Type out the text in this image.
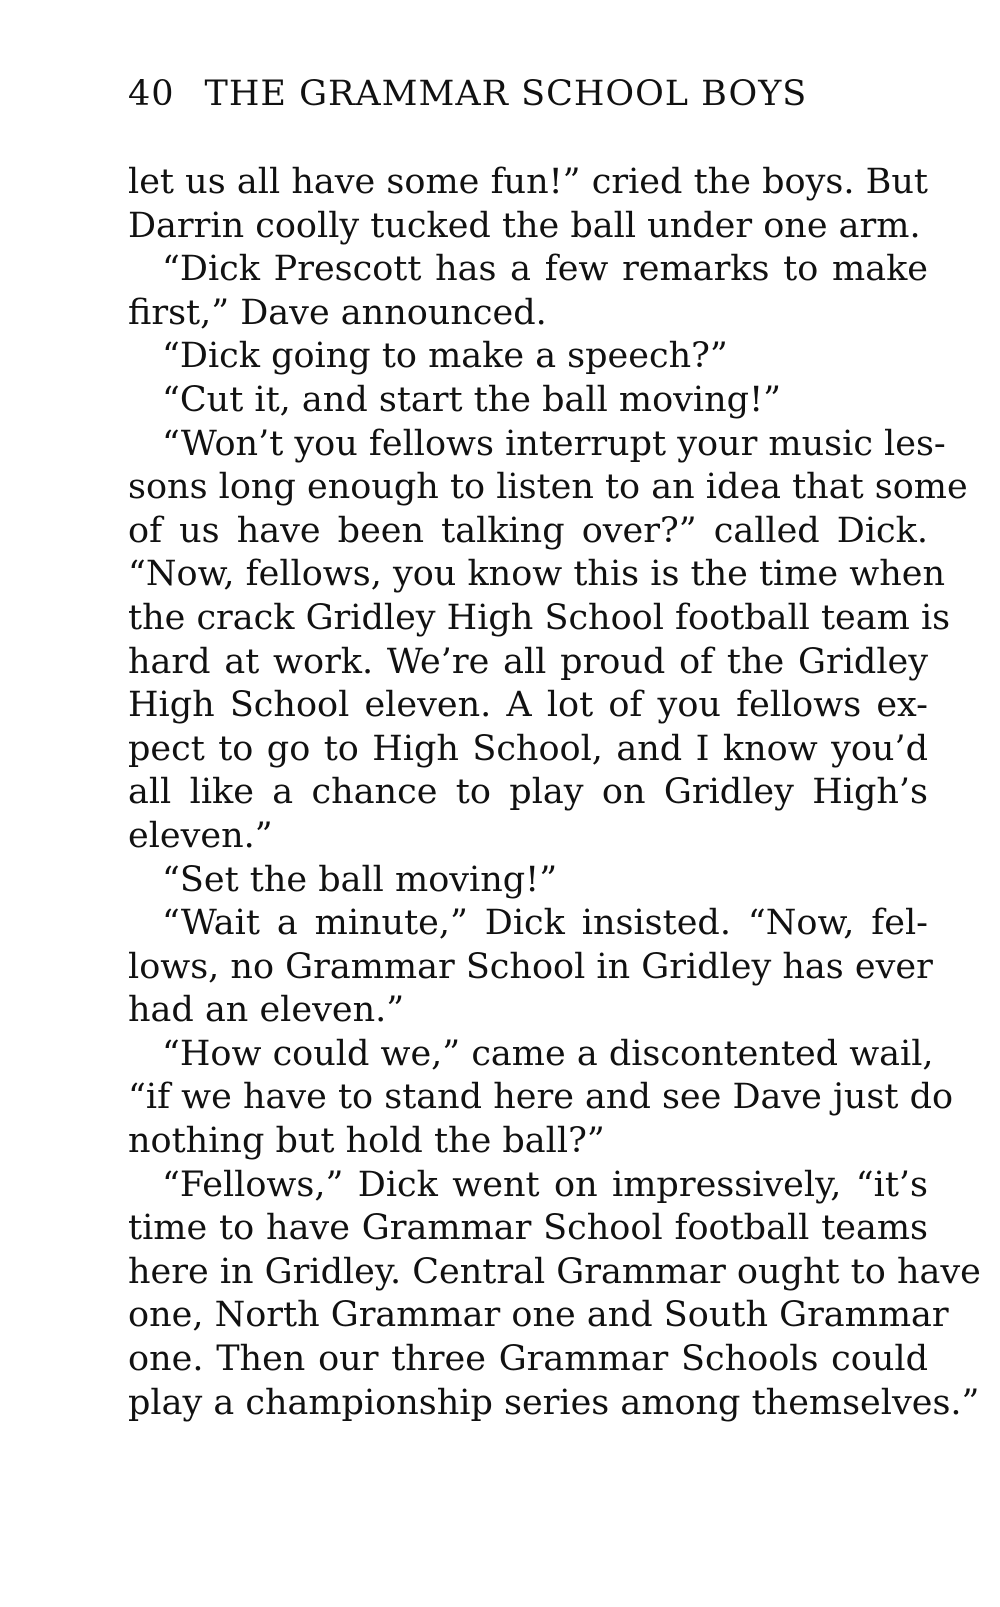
40 THE GRAMMAR SCHOOL BOYS
let us all have some fun!” cried the boys. But
Darrin coolly tucked the ball under one arm.
“Dick Prescott has a few remarks to make
first,” Dave announced.
“Dick going to make a speech?”
“Cut it, and start the ball moving!”
“Won’t you fellows interrupt your music les-
sons long enough to listen to an idea that some
of us have been talking over?” called Dick.
“Now, fellows, you know this is the time when
the crack Gridley High School football team is
hard at work. We’re all proud of the Gridley
High School eleven. A lot of you fellows ex-
pect to go to High School, and I know you’d
all like a chance to play on Gridley High’s
eleven.”
“Set the ball moving!”
“Wait a minute,” Dick insisted. “Now, fel-
lows, no Grammar School in Gridley has ever
had an eleven.”
“How could we,” came a discontented wail,
“if we have to stand here and see Dave just do
nothing but hold the ball?”
“Fellows,” Dick went on impressively, “it’s
time to have Grammar School football teams
here in Gridley. Central Grammar ought to have
one, North Grammar one and South Grammar
one. Then our three Grammar Schools could
play a championship series among themselves.”
